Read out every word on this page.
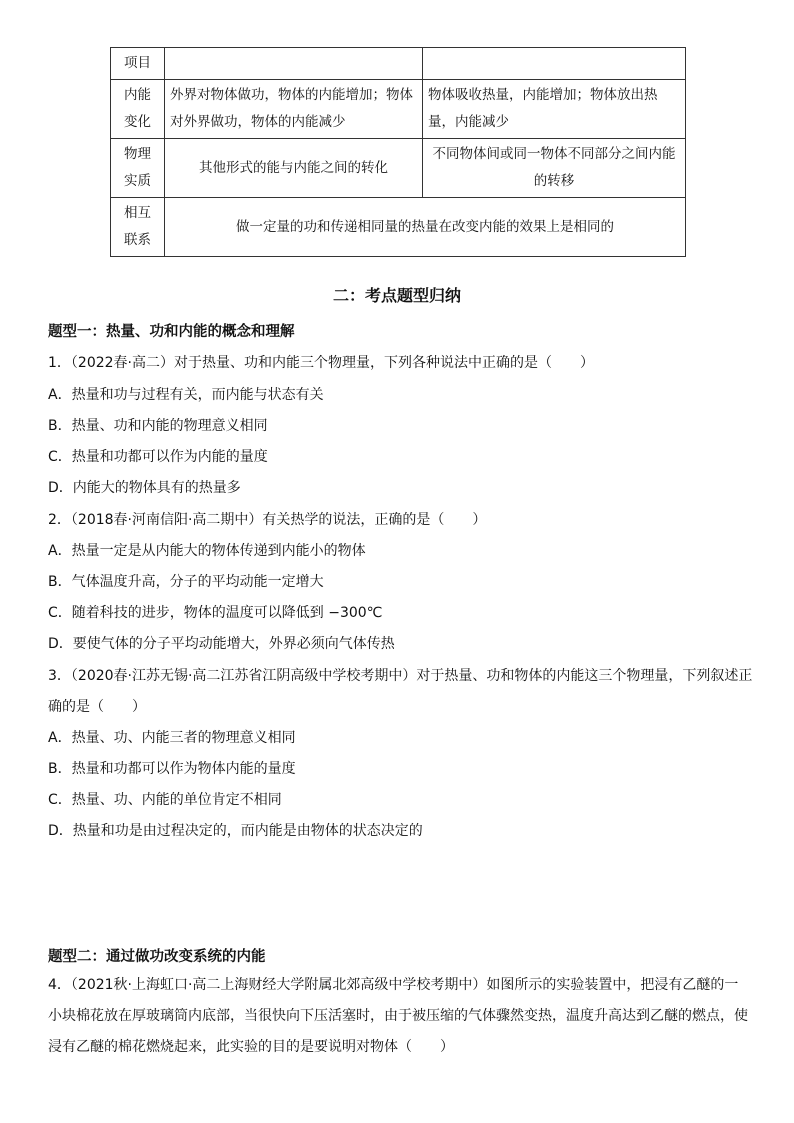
项目		
内能
变化	外界对物体做功，物体的内能增加；物体对外界做功，物体的内能减少	物体吸收热量，内能增加；物体放出热量，内能减少
物理
实质	其他形式的能与内能之间的转化	不同物体间或同一物体不同部分之间内能的转移
相互
联系	做一定量的功和传递相同量的热量在改变内能的效果上是相同的	
二：考点题型归纳
题型一：热量、功和内能的概念和理解
1．（2022春·高二）对于热量、功和内能三个物理量，下列各种说法中正确的是（　　）
A．热量和功与过程有关，而内能与状态有关
B．热量、功和内能的物理意义相同
C．热量和功都可以作为内能的量度
D．内能大的物体具有的热量多
2．（2018春·河南信阳·高二期中）有关热学的说法，正确的是（　　）
A．热量一定是从内能大的物体传递到内能小的物体
B．气体温度升高，分子的平均动能一定增大
C．随着科技的进步，物体的温度可以降低到 −300℃
D．要使气体的分子平均动能增大，外界必须向气体传热
3．（2020春·江苏无锡·高二江苏省江阴高级中学校考期中）对于热量、功和物体的内能这三个物理量，下列叙述正
确的是（　　）
A．热量、功、内能三者的物理意义相同
B．热量和功都可以作为物体内能的量度
C．热量、功、内能的单位肯定不相同
D．热量和功是由过程决定的，而内能是由物体的状态决定的
题型二：通过做功改变系统的内能
4．（2021秋·上海虹口·高二上海财经大学附属北郊高级中学校考期中）如图所示的实验装置中，把浸有乙醚的一小块棉花放在厚玻璃筒内底部，当很快向下压活塞时，由于被压缩的气体骤然变热，温度升高达到乙醚的燃点，使浸有乙醚的棉花燃烧起来，此实验的目的是要说明对物体（　　）
